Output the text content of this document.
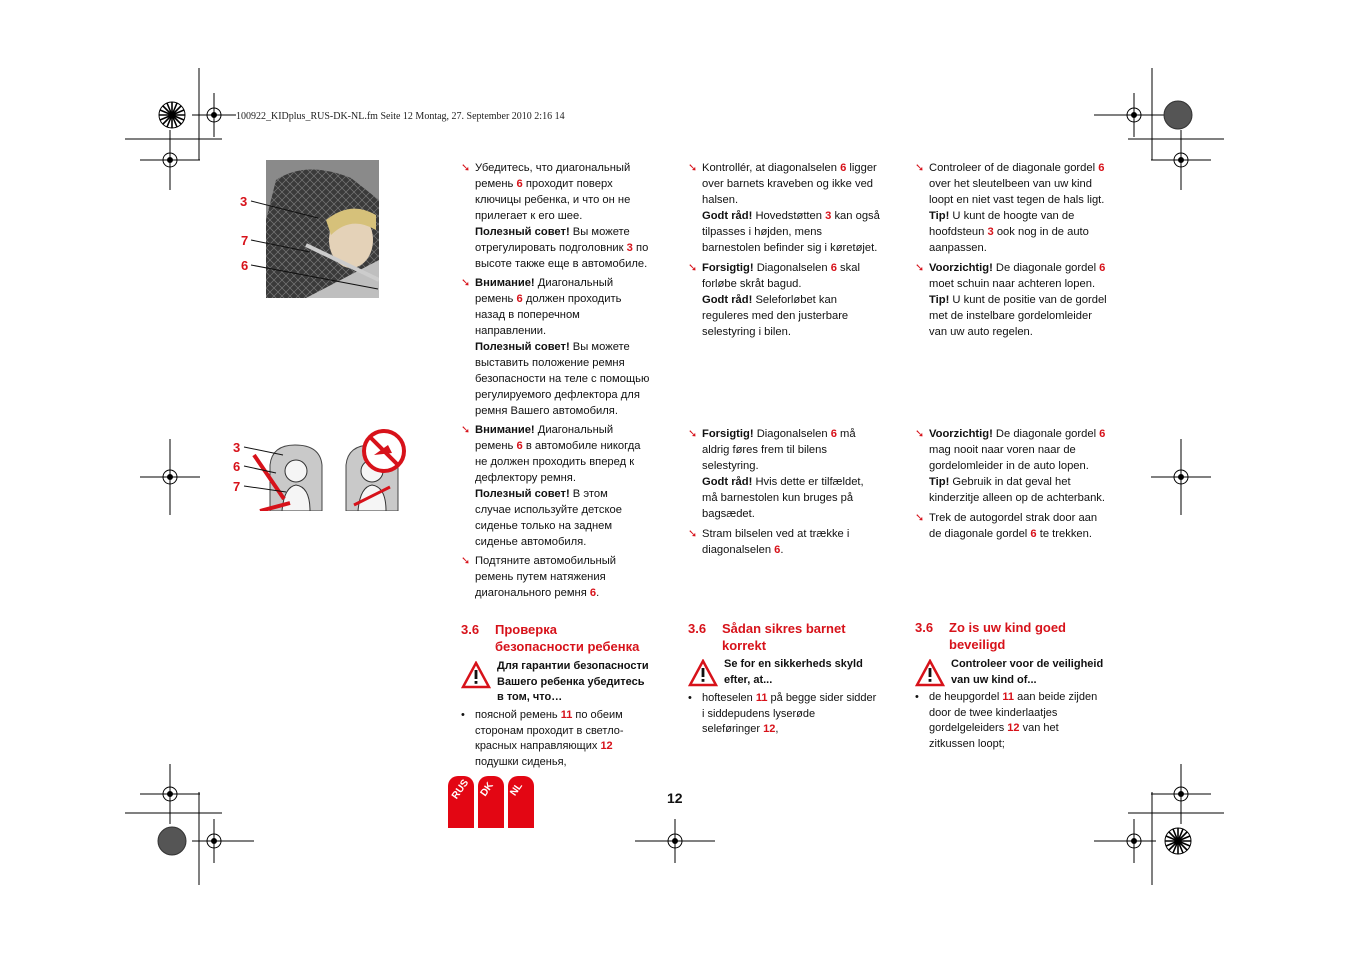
100922_KIDplus_RUS-DK-NL.fm Seite 12 Montag, 27. September 2010 2:16 14
3
7
6
3
6
7
➘ Убедитесь, что диагональный
ремень 6 проходит поверх
ключицы ребенка, и что он не
прилегает к его шее.
Полезный совет! Вы можете
отрегулировать подголовник 3 по
высоте также еще в автомобиле.
➘ Внимание! Диагональный
ремень 6 должен проходить
назад в поперечном
направлении.
Полезный совет! Вы можете
выставить положение ремня
безопасности на теле с помощью
регулируемого дефлектора для
ремня Вашего автомобиля.
➘ Внимание! Диагональный
ремень 6 в автомобиле никогда
не должен проходить вперед к
дефлектору ремня.
Полезный совет! В этом
случае используйте детское
сиденье только на заднем
сиденье автомобиля.
➘ Подтяните автомобильный
ремень путем натяжения
диагонального ремня 6.
3.6 Проверка
безопасности ребенка
Для гарантии безопасности
Вашего ребенка убедитесь
в том, что…
• поясной ремень 11 по обеим
сторонам проходит в светло-
красных направляющих 12
подушки сиденья,
➘ Kontrollér, at diagonalselen 6 ligger
over barnets kraveben og ikke ved
halsen.
Godt råd! Hovedstøtten 3 kan også
tilpasses i højden, mens
barnestolen befinder sig i køretøjet.
➘ Forsigtig! Diagonalselen 6 skal
forløbe skråt bagud.
Godt råd! Seleforløbet kan
reguleres med den justerbare
selestyring i bilen.
➘ Forsigtig! Diagonalselen 6 må
aldrig føres frem til bilens
selestyring.
Godt råd! Hvis dette er tilfældet,
må barnestolen kun bruges på
bagsædet.
➘ Stram bilselen ved at trække i
diagonalselen 6.
3.6 Sådan sikres barnet
korrekt
Se for en sikkerheds skyld
efter, at...
• hofteselen 11 på begge sider sidder
i siddepudens lyserøde
seleføringer 12,
➘ Controleer of de diagonale gordel 6
over het sleutelbeen van uw kind
loopt en niet vast tegen de hals ligt.
Tip! U kunt de hoogte van de
hoofdsteun 3 ook nog in de auto
aanpassen.
➘ Voorzichtig! De diagonale gordel 6
moet schuin naar achteren lopen.
Tip! U kunt de positie van de gordel
met de instelbare gordelomleider
van uw auto regelen.
➘ Voorzichtig! De diagonale gordel 6
mag nooit naar voren naar de
gordelomleider in de auto lopen.
Tip! Gebruik in dat geval het
kinderzitje alleen op de achterbank.
➘ Trek de autogordel strak door aan
de diagonale gordel 6 te trekken.
3.6 Zo is uw kind goed
beveiligd
Controleer voor de veiligheid
van uw kind of...
• de heupgordel 11 aan beide zijden
door de twee kinderlaatjes
gordelgeleiders 12 van het
zitkussen loopt;
RUS DK NL	12
